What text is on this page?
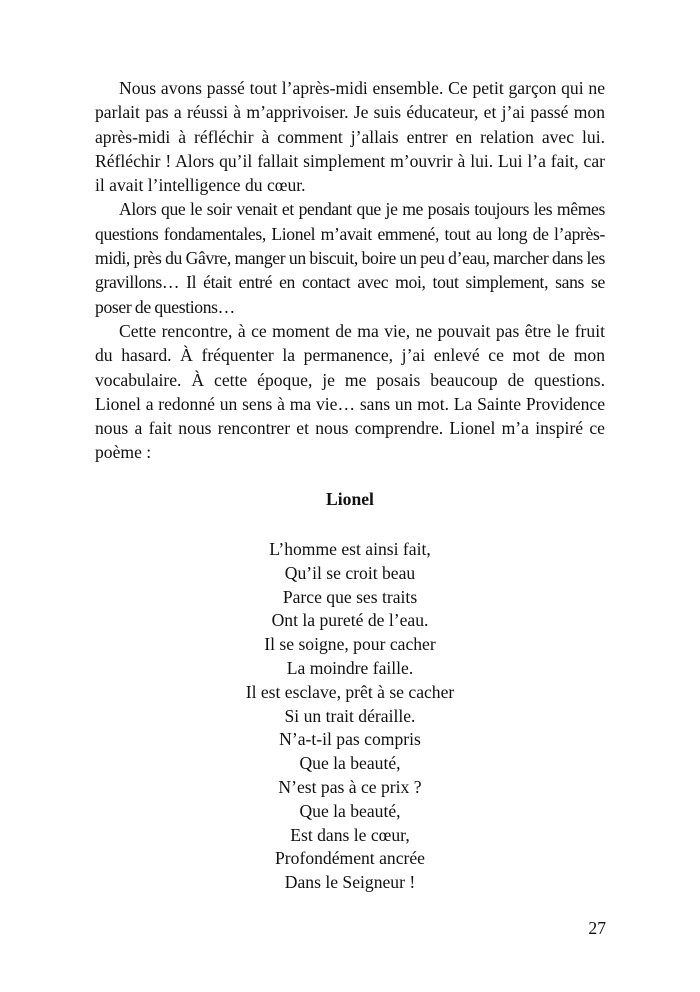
Nous avons passé tout l’après-midi ensemble. Ce petit garçon qui ne parlait pas a réussi à m’apprivoiser. Je suis éducateur, et j’ai passé mon après-midi à réfléchir à comment j’allais entrer en relation avec lui. Réfléchir ! Alors qu’il fallait simplement m’ouvrir à lui. Lui l’a fait, car il avait l’intelligence du cœur.

Alors que le soir venait et pendant que je me posais toujours les mêmes questions fondamentales, Lionel m’avait emmené, tout au long de l’après-midi, près du Gâvre, manger un biscuit, boire un peu d’eau, marcher dans les gravillons… Il était entré en contact avec moi, tout simplement, sans se poser de questions…

Cette rencontre, à ce moment de ma vie, ne pouvait pas être le fruit du hasard. À fréquenter la permanence, j’ai enlevé ce mot de mon vocabulaire. À cette époque, je me posais beaucoup de questions. Lionel a redonné un sens à ma vie… sans un mot. La Sainte Providence nous a fait nous rencontrer et nous comprendre. Lionel m’a inspiré ce poème :

Lionel
L’homme est ainsi fait,
Qu’il se croit beau
Parce que ses traits
Ont la pureté de l’eau.
Il se soigne, pour cacher
La moindre faille.
Il est esclave, prêt à se cacher
Si un trait déraille.
N’a-t-il pas compris
Que la beauté,
N’est pas à ce prix ?
Que la beauté,
Est dans le cœur,
Profondément ancrée
Dans le Seigneur !
27
